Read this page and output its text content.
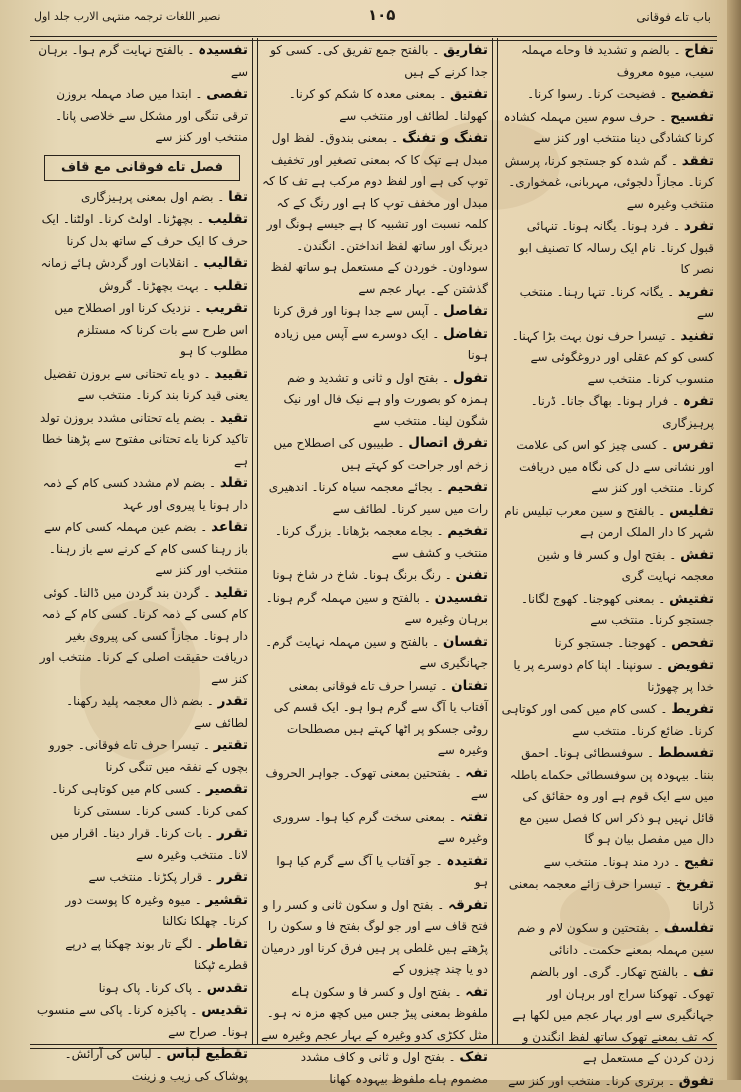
باب تاے فوقانی
۱۰۵
نصیر اللغات ترجمہ منتہی الارب جلد اول
تفاح ۔ بالضم و تشدید فا وحاے مہملہ سیب، میوہ معروف
تفضیح ۔ فضیحت کرنا۔ رسوا کرنا۔
تفسیح ۔ حرف سوم سین مہملہ کشادہ کرنا کشادگی دینا منتخب اور کنز سے
تفقد ۔ گم شدہ کو جستجو کرنا، پرسش کرنا۔ مجازاً دلجوئی، مہربانی، غمخواری۔ منتخب وغیرہ سے
تفرد ۔ فرد ہونا۔ یگانہ ہونا۔ تنہائی قبول کرنا۔ نام ایک رسالہ کا تصنیف ابو نصر کا
تفرید ۔ یگانہ کرنا۔ تنہا رہنا۔ منتخب سے
تفنید ۔ تیسرا حرف نون بہت بڑا کہنا۔ کسی کو کم عقلی اور دروغگوئی سے منسوب کرنا۔ منتخب سے
تفرہ ۔ فرار ہونا۔ بھاگ جانا۔ ڈرنا۔ پرہیزگاری
تفرس ۔ کسی چیز کو اس کی علامت اور نشانی سے دل کی نگاہ میں دریافت کرنا۔ منتخب اور کنز سے
تفلیس ۔ بالفتح و سین معرب تبلیس نام شہر کا دار الملک ارمن ہے
تفش ۔ بفتح اول و کسر فا و شین معجمہ نہایت گری
تفتیش ۔ بمعنی کھوجنا۔ کھوج لگانا۔ جستجو کرنا۔ منتخب سے
تفحص ۔ کھوجنا۔ جستجو کرنا
تفویض ۔ سونپنا۔ اپنا کام دوسرے پر یا خدا پر چھوڑنا
تفریط ۔ کسی کام میں کمی اور کوتاہی کرنا۔ ضائع کرنا۔ منتخب سے
تفسطط ۔ سوفسطائی ہونا۔ احمق بننا۔ بیہودہ پن سوفسطائی حکماے باطلہ میں سے ایک قوم ہے اور وہ حقائق کی قائل نہیں ہو ذکر اس کا فصل سین مع دال میں مفصل بیان ہو گا
تفیح ۔ درد مند ہونا۔ منتخب سے
تفریخ ۔ تیسرا حرف زائے معجمہ بمعنی ڈرانا
تفلسف ۔ بفتحتین و سکون لام و ضم سین مہملہ بمعنے حکمت۔ دانائی
تف ۔ بالفتح تھکار۔ گری۔ اور بالضم تھوک۔ تھوکنا سراج اور برہان اور جہانگیری سے اور بہار عجم میں لکھا ہے کہ تف بمعنے تھوک ساتھ لفظ انگندن و زدن کردن کے مستعمل ہے
تفوق ۔ برتری کرنا۔ منتخب اور کنز سے
تفاریق ۔ بالفتح جمع تفریق کی۔ کسی کو جدا کرنے کے ہیں
تفتیق ۔ بمعنی معدہ کا شکم کو کرنا۔ کھولنا۔ لطائف اور منتخب سے
تفنگ و تفنگ ۔ بمعنی بندوق۔ لفظ اول مبدل ہے تپک کا کہ بمعنی تصغیر اور تخفیف توپ کی ہے اور لفظ دوم مرکب ہے تف کا کہ مبدل اور مخفف توپ کا ہے اور رنگ کے کہ کلمہ نسبت اور تشبیہ کا ہے جیسے ہونگ اور دیرنگ اور ساتھ لفظ انداختن۔ انگندن۔ سوداون۔ خوردن کے مستعمل ہو ساتھ لفظ گذشتن کے۔ بہار عجم سے
تفاصل ۔ آپس سے جدا ہونا اور فرق کرنا
تفاضل ۔ ایک دوسرے سے آپس میں زیادہ ہونا
تفول ۔ بفتح اول و ثانی و تشدید و ضم ہمزہ کو بصورت واو ہے نیک فال اور نیک شگون لینا۔ منتخب سے
تفرق اتصال ۔ طبیبوں کی اصطلاح میں زخم اور جراحت کو کہتے ہیں
تفحیم ۔ بجائے معجمہ سیاہ کرنا۔ اندھیری رات میں سیر کرنا۔ لطائف سے
تفخیم ۔ بجاے معجمہ بڑھانا۔ بزرگ کرنا۔ منتخب و کشف سے
تفنن ۔ رنگ برنگ ہونا۔ شاخ در شاخ ہونا
تفسیدن ۔ بالفتح و سین مہملہ گرم ہونا۔ برہان وغیرہ سے
تفسان ۔ بالفتح و سین مہملہ نہایت گرم۔ جہانگیری سے
تفتان ۔ تیسرا حرف تاے فوقانی بمعنی آفتاب یا آگ سے گرم ہوا ہو۔ ایک قسم کی روٹی جسکو پر اٹھا کہتے ہیں مصطلحات وغیرہ سے
تفہ ۔ بفتحتین بمعنی تھوک۔ جواہر الحروف سے
تفتہ ۔ بمعنی سخت گرم کیا ہوا۔ سروری وغیرہ سے
تفتیدہ ۔ جو آفتاب یا آگ سے گرم کیا ہوا ہو
تفرقہ ۔ بفتح اول و سکون ثانی و کسر را و فتح قاف سے اور جو لوگ بفتح فا و سکون را پڑھتے ہیں غلطی پر ہیں فرق کرنا اور درمیان دو یا چند چیزوں کے
تفہ ۔ بفتح اول و کسر فا و سکون ہاے ملفوظ بمعنی پیڑ جس میں کچھ مزہ نہ ہو۔ مثل ککڑی کدو وغیرہ کے بہار عجم وغیرہ سے
تفک ۔ بفتح اول و ثانی و کاف مشدد مضموم ہاے ملفوظ بیہودہ کھانا
تفسیدہ ۔ بالفتح نہایت گرم ہوا۔ برہان سے
تفصی ۔ ابتدا میں صاد مہملہ بروزن ترقی تنگی اور مشکل سے خلاصی پانا۔ منتخب اور کنز سے
فصل تاے فوقانی مع قاف
تقا ۔ بضم اول بمعنی پرہیزگاری
تقلیب ۔ بچھڑنا۔ اولٹ کرنا۔ اولٹنا۔ ایک حرف کا ایک حرف کے ساتھ بدل کرنا
تقالیب ۔ انقلابات اور گردش ہائے زمانہ
تقلب ۔ بہت بچھڑنا۔ گروش
تقریب ۔ نزدیک کرنا اور اصطلاح میں اس طرح سے بات کرنا کہ مستلزم مطلوب کا ہو
تقیید ۔ دو یاے تحتانی سے بروزن تفضیل یعنی قید کرنا بند کرنا۔ منتخب سے
تقید ۔ بضم یاے تحتانی مشدد بروزن تولد تاکید کرنا یاے تحتانی مفتوح سے پڑھنا خطا ہے
تقلد ۔ بضم لام مشدد کسی کام کے ذمہ دار ہونا یا پیروی اور عہد
تقاعد ۔ بضم عین مہملہ کسی کام سے باز رہنا کسی کام کے کرنے سے باز رہنا۔ منتخب اور کنز سے
تقلید ۔ گردن بند گردن میں ڈالنا۔ کوئی کام کسی کے ذمہ کرنا۔ کسی کام کے ذمہ دار ہونا۔ مجازاً کسی کی پیروی بغیر دریافت حقیقت اصلی کے کرنا۔ منتخب اور کنز سے
تقدر ۔ بضم ذال معجمہ پلید رکھنا۔ لطائف سے
تقتیر ۔ تیسرا حرف تاے فوقانی۔ جورو بچوں کے نفقہ میں تنگی کرنا
تقصیر ۔ کسی کام میں کوتاہی کرنا۔ کمی کرنا۔ کسی کرنا۔ سستی کرنا
تقرر ۔ بات کرنا۔ قرار دینا۔ اقرار میں لانا۔ منتخب وغیرہ سے
تقرر ۔ قرار پکڑنا۔ منتخب سے
تقشیر ۔ میوہ وغیرہ کا پوست دور کرنا۔ چھلکا نکالنا
تقاطر ۔ لگے تار بوند چھکنا پے درپے قطرے ٹپکنا
تقدس ۔ پاک کرنا۔ پاک ہونا
تقدیس ۔ پاکیزہ کرنا۔ پاکی سے منسوب ہونا۔ صراح سے
تقطیع لباس ۔ لباس کی آرائش۔ پوشاک کی زیب و زینت
